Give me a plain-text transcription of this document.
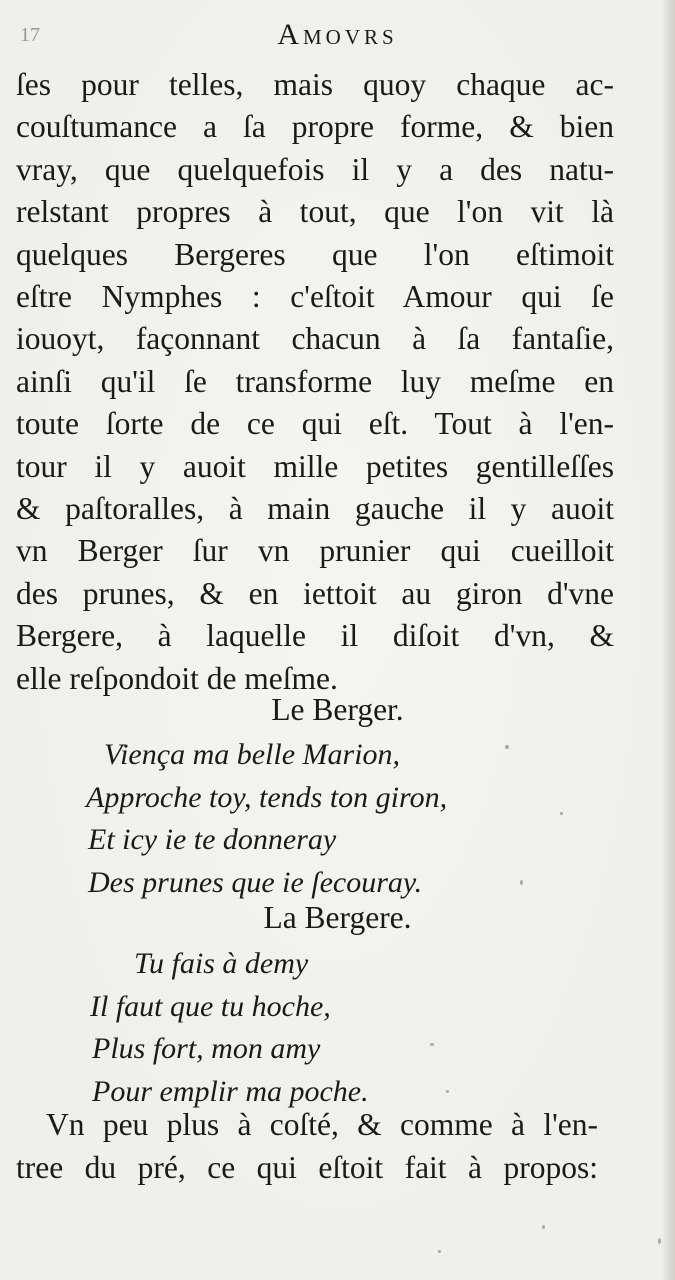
17	Amovrs
ſes pour telles, mais quoy chaque ac-
couſtumance a ſa propre forme, & bien
vray, que quelquefois il y a des natu-
relstant propres à tout, que l'on vit là
quelques Bergeres que l'on eſtimoit
eſtre Nymphes : c'eſtoit Amour qui ſe
iouoyt, façonnant chacun à ſa fantaſie,
ainſi qu'il ſe transforme luy meſme en
toute ſorte de ce qui eſt. Tout à l'en-
tour il y auoit mille petites gentilleſſes
& paſtoralles, à main gauche il y auoit
vn Berger ſur vn prunier qui cueilloit
des prunes, & en iettoit au giron d'vne
Bergere, à laquelle il diſoit d'vn, &
elle reſpondoit de meſme.
Le Berger.
Viença ma belle Marion,
Approche toy, tends ton giron,
Et icy ie te donneray
Des prunes que ie ſecouray.
La Bergere.
Tu fais à demy
Il faut que tu hoche,
Plus fort, mon amy
Pour emplir ma poche.
Vn peu plus à coſté, & comme à l'en-
tree du pré, ce qui eſtoit fait à propos:
